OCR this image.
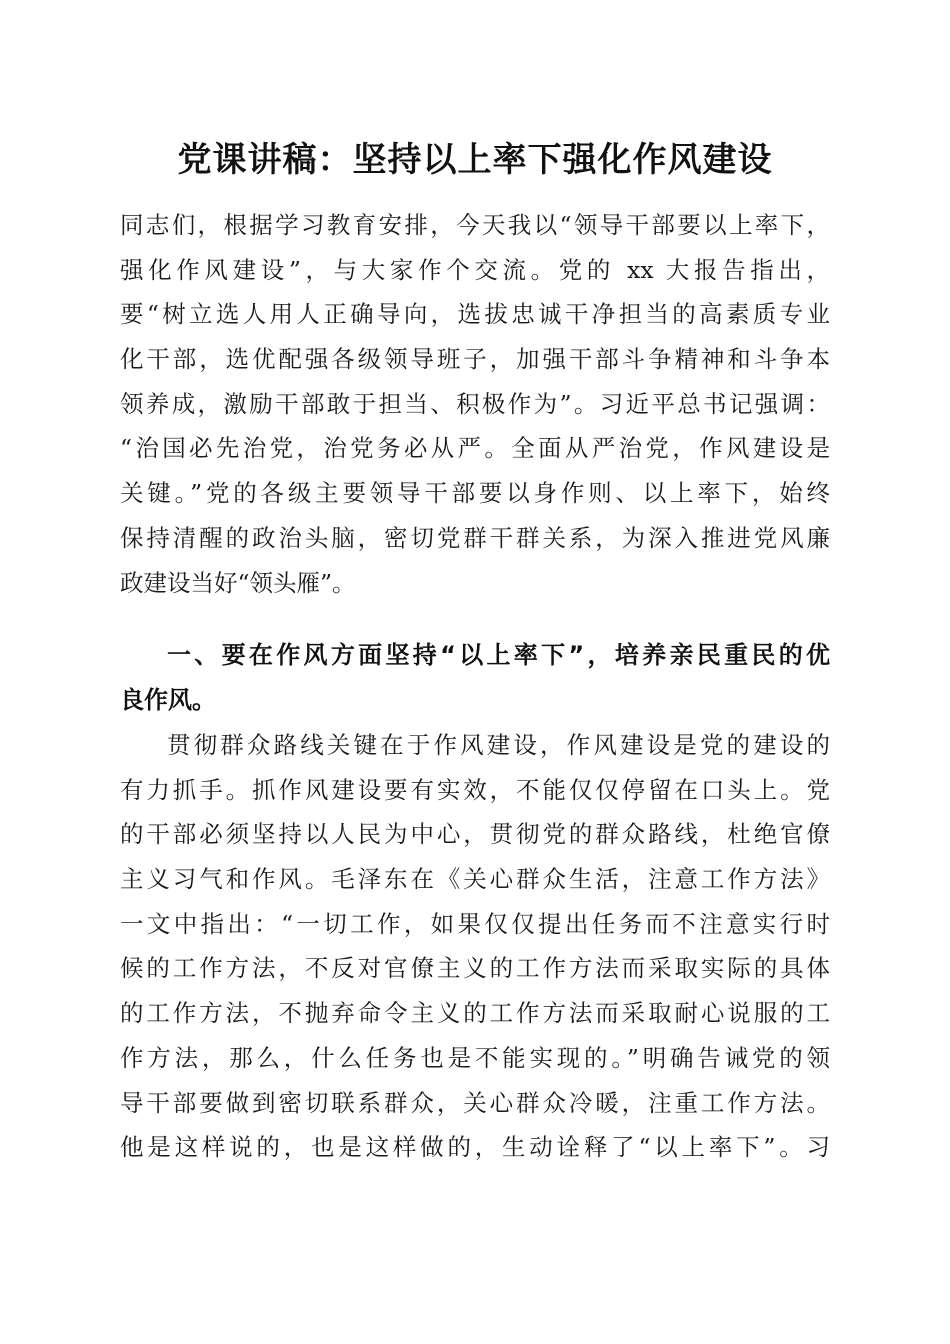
党课讲稿：坚持以上率下强化作风建设
同志们，根据学习教育安排，今天我以“领导干部要以上率下，
强化作风建设”，与大家作个交流。党的 xx 大报告指出，
要“树立选人用人正确导向，选拔忠诚干净担当的高素质专业
化干部，选优配强各级领导班子，加强干部斗争精神和斗争本
领养成，激励干部敢于担当、积极作为”。习近平总书记强调：
“治国必先治党，治党务必从严。全面从严治党，作风建设是
关键。”党的各级主要领导干部要以身作则、以上率下，始终
保持清醒的政治头脑，密切党群干群关系，为深入推进党风廉
政建设当好“领头雁”。
一、要在作风方面坚持“以上率下”，培养亲民重民的优
良作风。
贯彻群众路线关键在于作风建设，作风建设是党的建设的
有力抓手。抓作风建设要有实效，不能仅仅停留在口头上。党
的干部必须坚持以人民为中心，贯彻党的群众路线，杜绝官僚
主义习气和作风。毛泽东在《关心群众生活，注意工作方法》
一文中指出：“一切工作，如果仅仅提出任务而不注意实行时
候的工作方法，不反对官僚主义的工作方法而采取实际的具体
的工作方法，不抛弃命令主义的工作方法而采取耐心说服的工
作方法，那么，什么任务也是不能实现的。”明确告诫党的领
导干部要做到密切联系群众，关心群众冷暖，注重工作方法。
他是这样说的，也是这样做的，生动诠释了“以上率下”。习
